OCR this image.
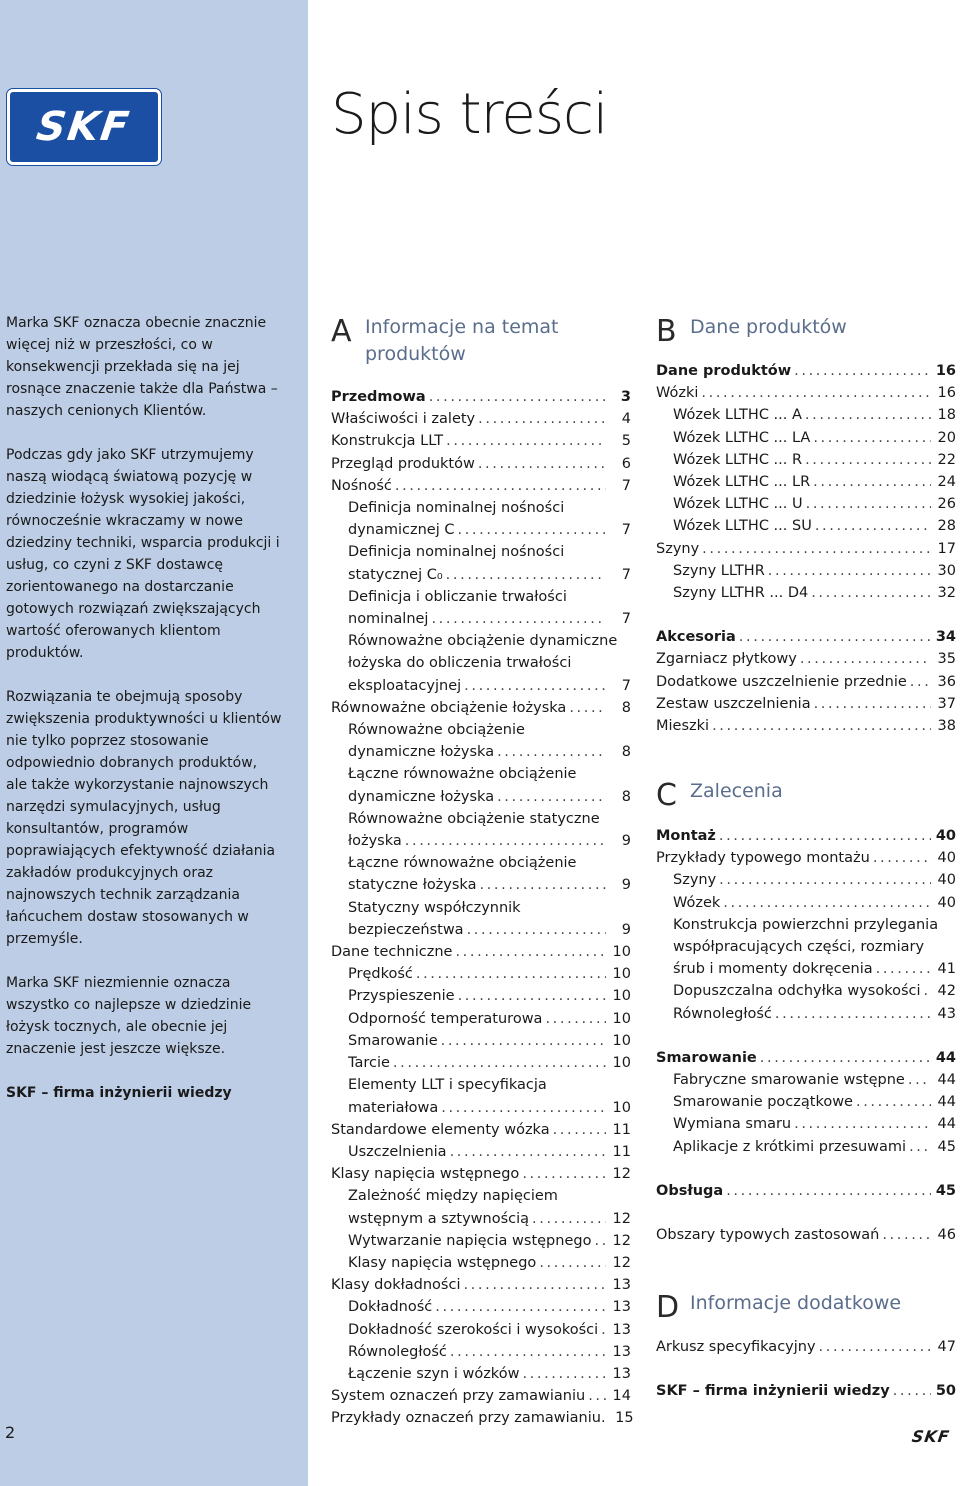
SKF

Marka SKF oznacza obecnie znacznie więcej niż w przeszłości, co w konsekwencji przekłada się na jej rosnące znaczenie także dla Państwa – naszych cenionych Klientów.

Podczas gdy jako SKF utrzymujemy naszą wiodącą światową pozycję w dziedzinie łożysk wysokiej jakości, równocześnie wkraczamy w nowe dziedziny techniki, wsparcia produkcji i usług, co czyni z SKF dostawcę zorientowanego na dostarczanie gotowych rozwiązań zwiększających wartość oferowanych klientom produktów.

Rozwiązania te obejmują sposoby zwiększenia produktywności u klientów nie tylko poprzez stosowanie odpowiednio dobranych produktów, ale także wykorzystanie najnowszych narzędzi symulacyjnych, usług konsultantów, programów poprawiających efektywność działania zakładów produkcyjnych oraz najnowszych technik zarządzania łańcuchem dostaw stosowanych w przemyśle.

Marka SKF niezmiennie oznacza wszystko co najlepsze w dziedzinie łożysk tocznych, ale obecnie jej znaczenie jest jeszcze większe.

SKF – firma inżynierii wiedzy
2
Spis treści
A Informacje na temat produktów
Przedmowa . . .	3
Właściwości i zalety . . .	4
Konstrukcja LLT . . .	5
Przegląd produktów . . .	6
Nośność . . .	7
Definicja nominalnej nośności
dynamicznej C . . .	7
Definicja nominalnej nośności
statycznej C₀ . . .	7
Definicja i obliczanie trwałości
nominalnej . . .	7
Równoważne obciążenie dynamiczne
łożyska do obliczenia trwałości
eksploatacyjnej . . .	7
Równoważne obciążenie łożyska . . .	8
Równoważne obciążenie
dynamiczne łożyska . . .	8
Łączne równoważne obciążenie
dynamiczne łożyska . . .	8
Równoważne obciążenie statyczne
łożyska . . .	9
Łączne równoważne obciążenie
statyczne łożyska . . .	9
Statyczny współczynnik
bezpieczeństwa . . .	9
Dane techniczne . . .	10
Prędkość . . .	10
Przyspieszenie . . .	10
Odporność temperaturowa . . .	10
Smarowanie . . .	10
Tarcie . . .	10
Elementy LLT i specyfikacja
materiałowa . . .	10
Standardowe elementy wózka . . .	11
Uszczelnienia . . .	11
Klasy napięcia wstępnego . . .	12
Zależność między napięciem
wstępnym a sztywnością . . .	12
Wytwarzanie napięcia wstępnego . . . 12
Klasy napięcia wstępnego . . .	12
Klasy dokładności . . .	13
Dokładność . . .	13
Dokładność szerokości i wysokości . . . 13
Równoległość . . .	13
Łączenie szyn i wózków . . .	13
System oznaczeń przy zamawianiu . . . 14
Przykłady oznaczeń przy zamawianiu. 15
B Dane produktów
Dane produktów . . .	16
Wózki . . .	16
Wózek LLTHC ... A . . .	18
Wózek LLTHC ... LA . . .	20
Wózek LLTHC ... R . . .	22
Wózek LLTHC ... LR . . .	24
Wózek LLTHC ... U . . .	26
Wózek LLTHC ... SU . . .	28
Szyny . . .	17
Szyny LLTHR . . .	30
Szyny LLTHR ... D4 . . .	32
Akcesoria . . .	34
Zgarniacz płytkowy . . .	35
Dodatkowe uszczelnienie przednie . . . 36
Zestaw uszczelnienia . . .	37
Mieszki . . .	38
C Zalecenia
Montaż . . .	40
Przykłady typowego montażu . . .	40
Szyny . . .	40
Wózek . . .	40
Konstrukcja powierzchni przylegania
współpracujących części, rozmiary
śrub i momenty dokręcenia . . .	41
Dopuszczalna odchyłka wysokości . . . 42
Równoległość . . .	43
Smarowanie . . .	44
Fabryczne smarowanie wstępne . . . 44
Smarowanie początkowe . . .	44
Wymiana smaru . . .	44
Aplikacje z krótkimi przesuwami . . . 45
Obsługa . . .	45
Obszary typowych zastosowań . . .	46
D Informacje dodatkowe
Arkusz specyfikacyjny . . .	47
SKF – firma inżynierii wiedzy . . .	50
SKF
